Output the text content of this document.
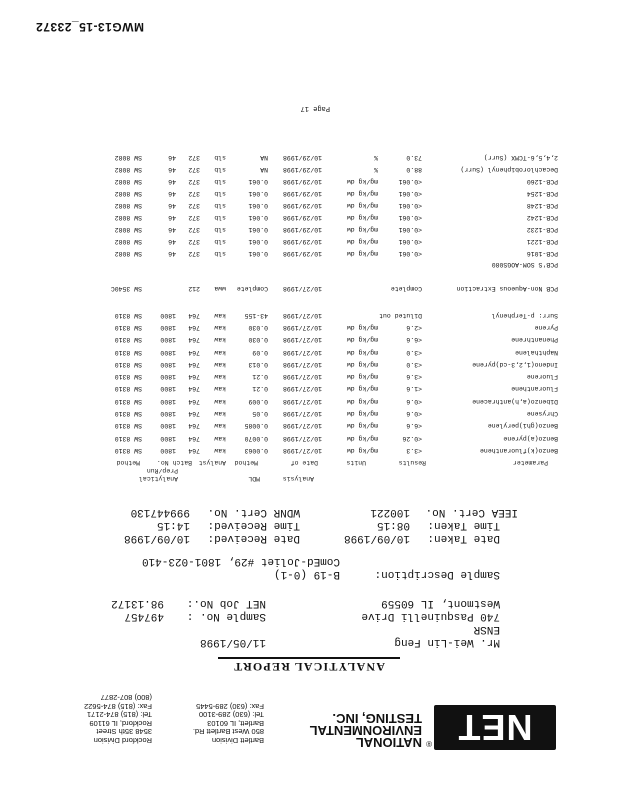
NET
®
NATIONAL
ENVIRONMENTAL
TESTING, INC.
Bartlett Division
850 West Bartlett Rd.
Bartlett, IL 60103
Tel: (630) 289-3100
Fax: (630) 289-5445
Rockford Division
3548 35th Street
Rockford, IL 61109
Tel: (815) 874-2171
Fax: (815) 874-5622
(800) 807-2877
ANALYTICAL REPORT
Mr. Wei-Lin Feng
ENSR
740 Pasquinelli Drive
Westmont, IL 60559
11/05/1998
Sample No. :
497457
NET Job No.:
98.13172
Sample Description:
B-19 (0-1)
ComEd-Joliet #29, 1801-023-410
Date Taken:
10/09/1998
Time Taken:
08:15
IEEA Cert. No.
100221
Date Received:
10/09/1998
Time Received:
14:15
WDNR Cert. No.
999447130
Analysis
Analytical	MDL
Prep/Run
Parameter
Results
Units
Date of
Method
Analyst
Batch No.
Method
Benzo(k)fluoranthene
<3.3
mg/kg dw
10/27/1998
0.0063
kaw
764
1800
SW 8310
Benzo(a)pyrene
<0.26
mg/kg dw
10/27/1998
0.0070
kaw
764
1800
SW 8310
Benzo(ghi)perylene
<6.6
mg/kg dw
10/27/1998
0.0085
kaw
764
1800
SW 8310
Chrysene
<0.6
mg/kg dw
10/27/1998
0.05
kaw
764
1800
SW 8310
Dibenzo(a,h)anthracene
<0.6
mg/kg dw
10/27/1998
0.009
kaw
764
1800
SW 8310
Fluoranthene
<1.6
mg/kg dw
10/27/1998
0.21
kaw
764
1800
SW 8310
Fluorene
<3.6
mg/kg dw
10/27/1998
0.21
kaw
764
1800
SW 8310
Indeno(1,2,3-cd)pyrene
<3.0
mg/kg dw
10/27/1998
0.013
kaw
764
1800
SW 8310
Naphthalene
<3.0
mg/kg dw
10/27/1998
0.09
kaw
764
1800
SW 8310
Phenanthrene
<6.6
mg/kg dw
10/27/1998
0.030
kaw
764
1800
SW 8310
Pyrene
<2.6
mg/kg dw
10/27/1998
0.030
kaw
764
1800
SW 8310
Surr: p-Terphenyl
Diluted out
10/27/1998
43-155
kaw
764
1800
SW 8310
PCB Non-Aqueous Extraction
Complete
10/27/1998
Complete
wwa
212
SW 3540C
PCB'S SOM-AOGS080
PCB-1016
<0.061
mg/kg dw
10/29/1998
0.061
slb
372
46
SW 8082
PCB-1221
<0.061
mg/kg dw
10/29/1998
0.061
slb
372
46
SW 8082
PCB-1232
<0.061
mg/kg dw
10/29/1998
0.061
slb
372
46
SW 8082
PCB-1242
<0.061
mg/kg dw
10/29/1998
0.061
slb
372
46
SW 8082
PCB-1248
<0.061
mg/kg dw
10/29/1998
0.061
slb
372
46
SW 8082
PCB-1254
<0.061
mg/kg dw
10/29/1998
0.061
slb
372
46
SW 8082
PCB-1260
<0.061
mg/kg dw
10/29/1998
0.061
slb
372
46
SW 8082
Decachlorobiphenyl (Surr)
88.0
%
10/29/1998
NA
slb
372
46
SW 8082
2,4,5,6-TCMX (Surr)
73.0
%
10/29/1998
NA
slb
372
46
SW 8082
Page 17
MWG13-15_23372
